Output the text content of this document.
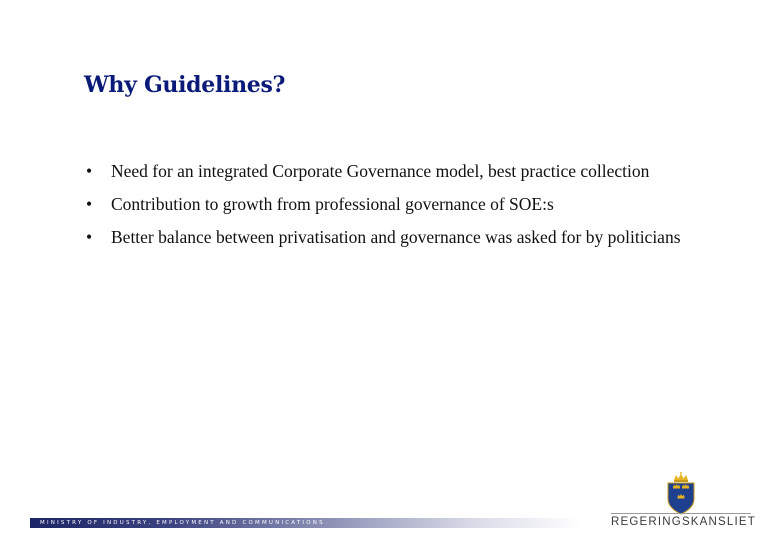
Why Guidelines?
• Need for an integrated Corporate Governance model, best practice collection
• Contribution to growth from professional governance of SOE:s
• Better balance between privatisation and governance was asked for by politicians
MINISTRY OF INDUSTRY, EMPLOYMENT AND COMMUNICATIONS	REGERINGSKANSLIET
